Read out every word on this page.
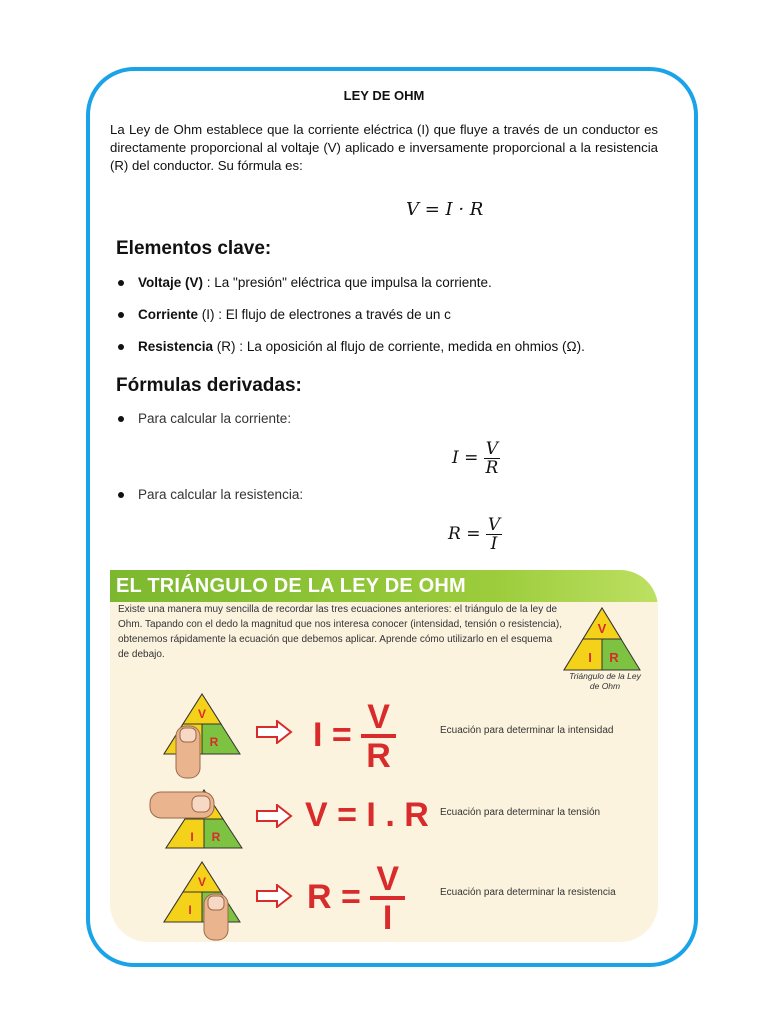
LEY DE OHM
La Ley de Ohm establece que la corriente eléctrica (I) que fluye a través de un conductor es directamente proporcional al voltaje (V) aplicado e inversamente proporcional a la resistencia (R) del conductor. Su fórmula es:
V = I · R
Elementos clave:
Voltaje (V) : La "presión" eléctrica que impulsa la corriente.
Corriente (I) : El flujo de electrones a través de un c
Resistencia (R) : La oposición al flujo de corriente, medida en ohmios (Ω).
Fórmulas derivadas:
Para calcular la corriente:
$I = \frac{V}{R}$
Para calcular la resistencia:
$R = \frac{V}{I}$
EL TRIÁNGULO DE LA LEY DE OHM
Existe una manera muy sencilla de recordar las tres ecuaciones anteriores: el triángulo de la ley de Ohm. Tapando con el dedo la magnitud que nos interesa conocer (intensidad, tensión o resistencia), obtenemos rápidamente la ecuación que debemos aplicar. Aprende cómo utilizarlo en el esquema de debajo.
V
I R
Triángulo de la Ley de Ohm
V
R	$I = \frac{V}{R}$	Ecuación para determinar la intensidad
I R
V = I . R Ecuación para determinar la tensión
V
I	$R = \frac{V}{I}$	Ecuación para determinar la resistencia
